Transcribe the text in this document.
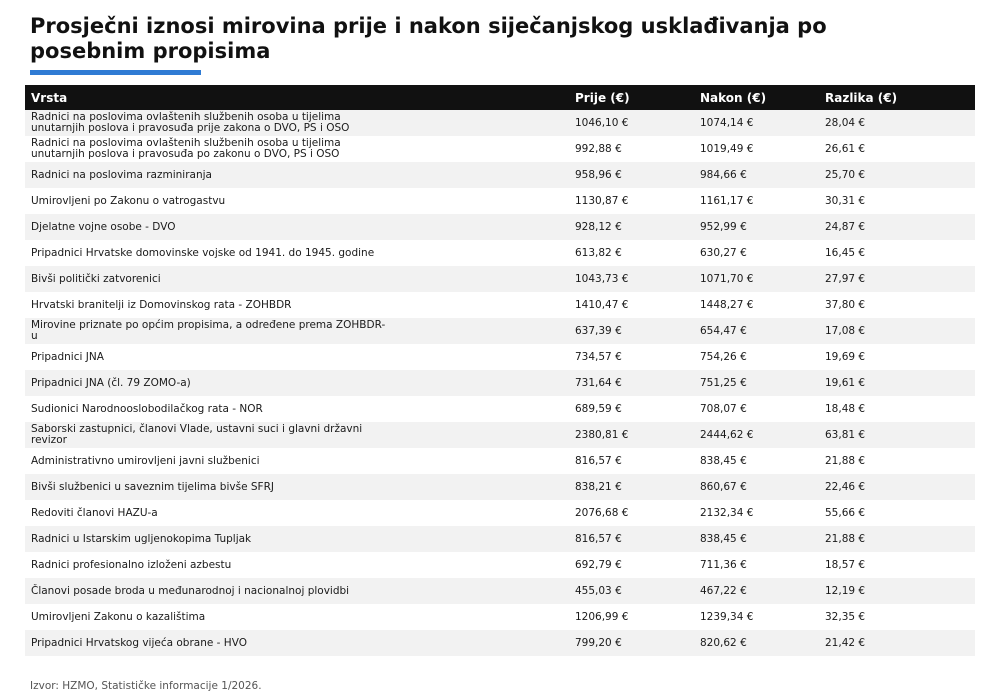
Prosječni iznosi mirovina prije i nakon siječanjskog usklađivanja po posebnim propisima
Vrsta	Prije (€)	Nakon (€)	Razlika (€)

Radnici na poslovima ovlaštenih službenih osoba u tijelima unutarnjih poslova i pravosuđa prije zakona o DVO, PS i OSO	1046,10 €	1074,14 €	28,04 €

Radnici na poslovima ovlaštenih službenih osoba u tijelima unutarnjih poslova i pravosuđa po zakonu o DVO, PS i OSO	992,88 €	1019,49 €	26,61 €

Radnici na poslovima razminiranja	958,96 €	984,66 €	25,70 €

Umirovljeni po Zakonu o vatrogastvu	1130,87 €	1161,17 €	30,31 €

Djelatne vojne osobe - DVO	928,12 €	952,99 €	24,87 €

Pripadnici Hrvatske domovinske vojske od 1941. do 1945. godine	613,82 €	630,27 €	16,45 €

Bivši politički zatvorenici	1043,73 €	1071,70 €	27,97 €

Hrvatski branitelji iz Domovinskog rata - ZOHBDR	1410,47 €	1448,27 €	37,80 €

Mirovine priznate po općim propisima, a određene prema ZOHBDR-u	637,39 €	654,47 €	17,08 €

Pripadnici JNA	734,57 €	754,26 €	19,69 €

Pripadnici JNA (čl. 79 ZOMO-a)	731,64 €	751,25 €	19,61 €

Sudionici Narodnooslobodilačkog rata - NOR	689,59 €	708,07 €	18,48 €

Saborski zastupnici, članovi Vlade, ustavni suci i glavni državni revizor	2380,81 €	2444,62 €	63,81 €

Administrativno umirovljeni javni službenici	816,57 €	838,45 €	21,88 €

Bivši službenici u saveznim tijelima bivše SFRJ	838,21 €	860,67 €	22,46 €

Redoviti članovi HAZU-a	2076,68 €	2132,34 €	55,66 €

Radnici u Istarskim ugljenokopima Tupljak	816,57 €	838,45 €	21,88 €

Radnici profesionalno izloženi azbestu	692,79 €	711,36 €	18,57 €

Članovi posade broda u međunarodnoj i nacionalnoj plovidbi	455,03 €	467,22 €	12,19 €

Umirovljeni Zakonu o kazalištima	1206,99 €	1239,34 €	32,35 €

Pripadnici Hrvatskog vijeća obrane - HVO	799,20 €	820,62 €	21,42 €
Izvor: HZMO, Statističke informacije 1/2026.
